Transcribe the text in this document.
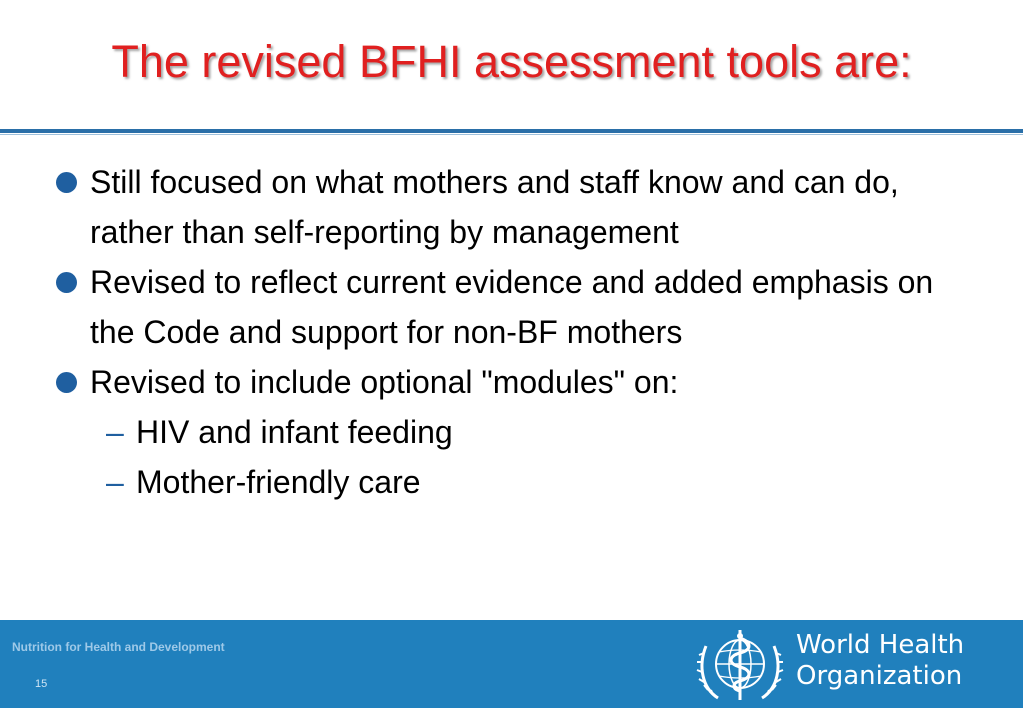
The revised BFHI assessment tools are:
Still focused on what mothers and staff know and can do, rather than self-reporting by management
Revised to reflect current evidence and added emphasis on the Code and support for non-BF mothers
Revised to include optional "modules" on:
– HIV and infant feeding
– Mother-friendly care
Nutrition for Health and Development
15
World Health
Organization
